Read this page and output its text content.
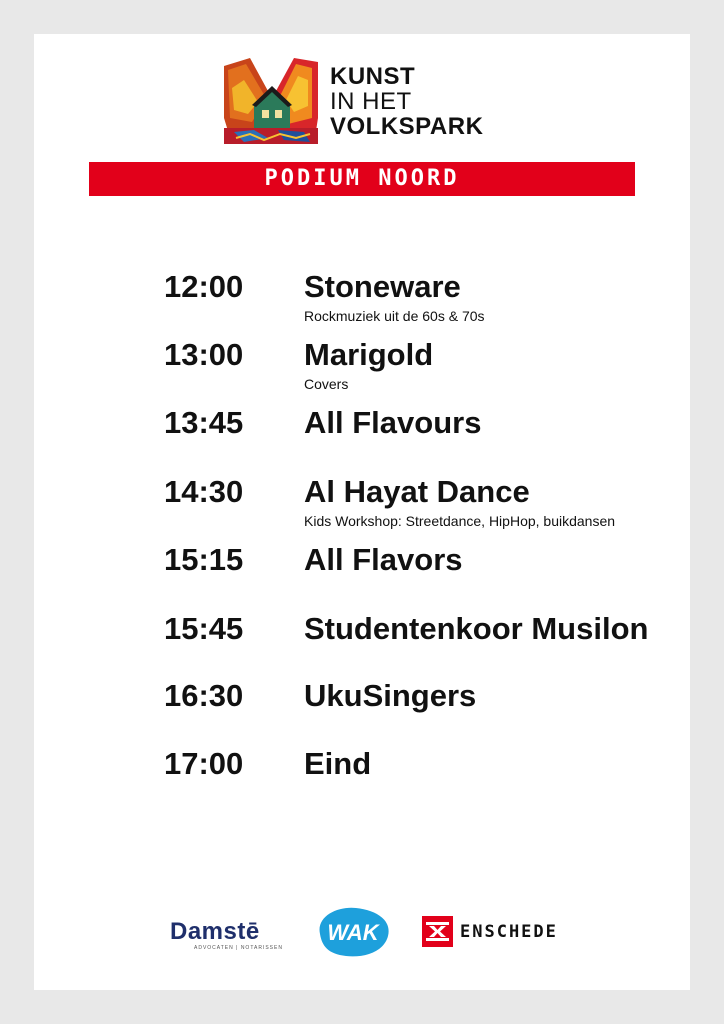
KUNST
IN HET
VOLKSPARK
PODIUM NOORD
12:00 Stoneware
Rockmuziek uit de 60s & 70s
13:00 Marigold
Covers
13:45 All Flavours
14:30 Al Hayat Dance
Kids Workshop: Streetdance, HipHop, buikdansen
15:15 All Flavors
15:45 Studentenkoor Musilon
16:30 UkuSingers
17:00 Eind
Damstē
ADVOCATEN | NOTARISSEN
WAK	ENSCHEDE
